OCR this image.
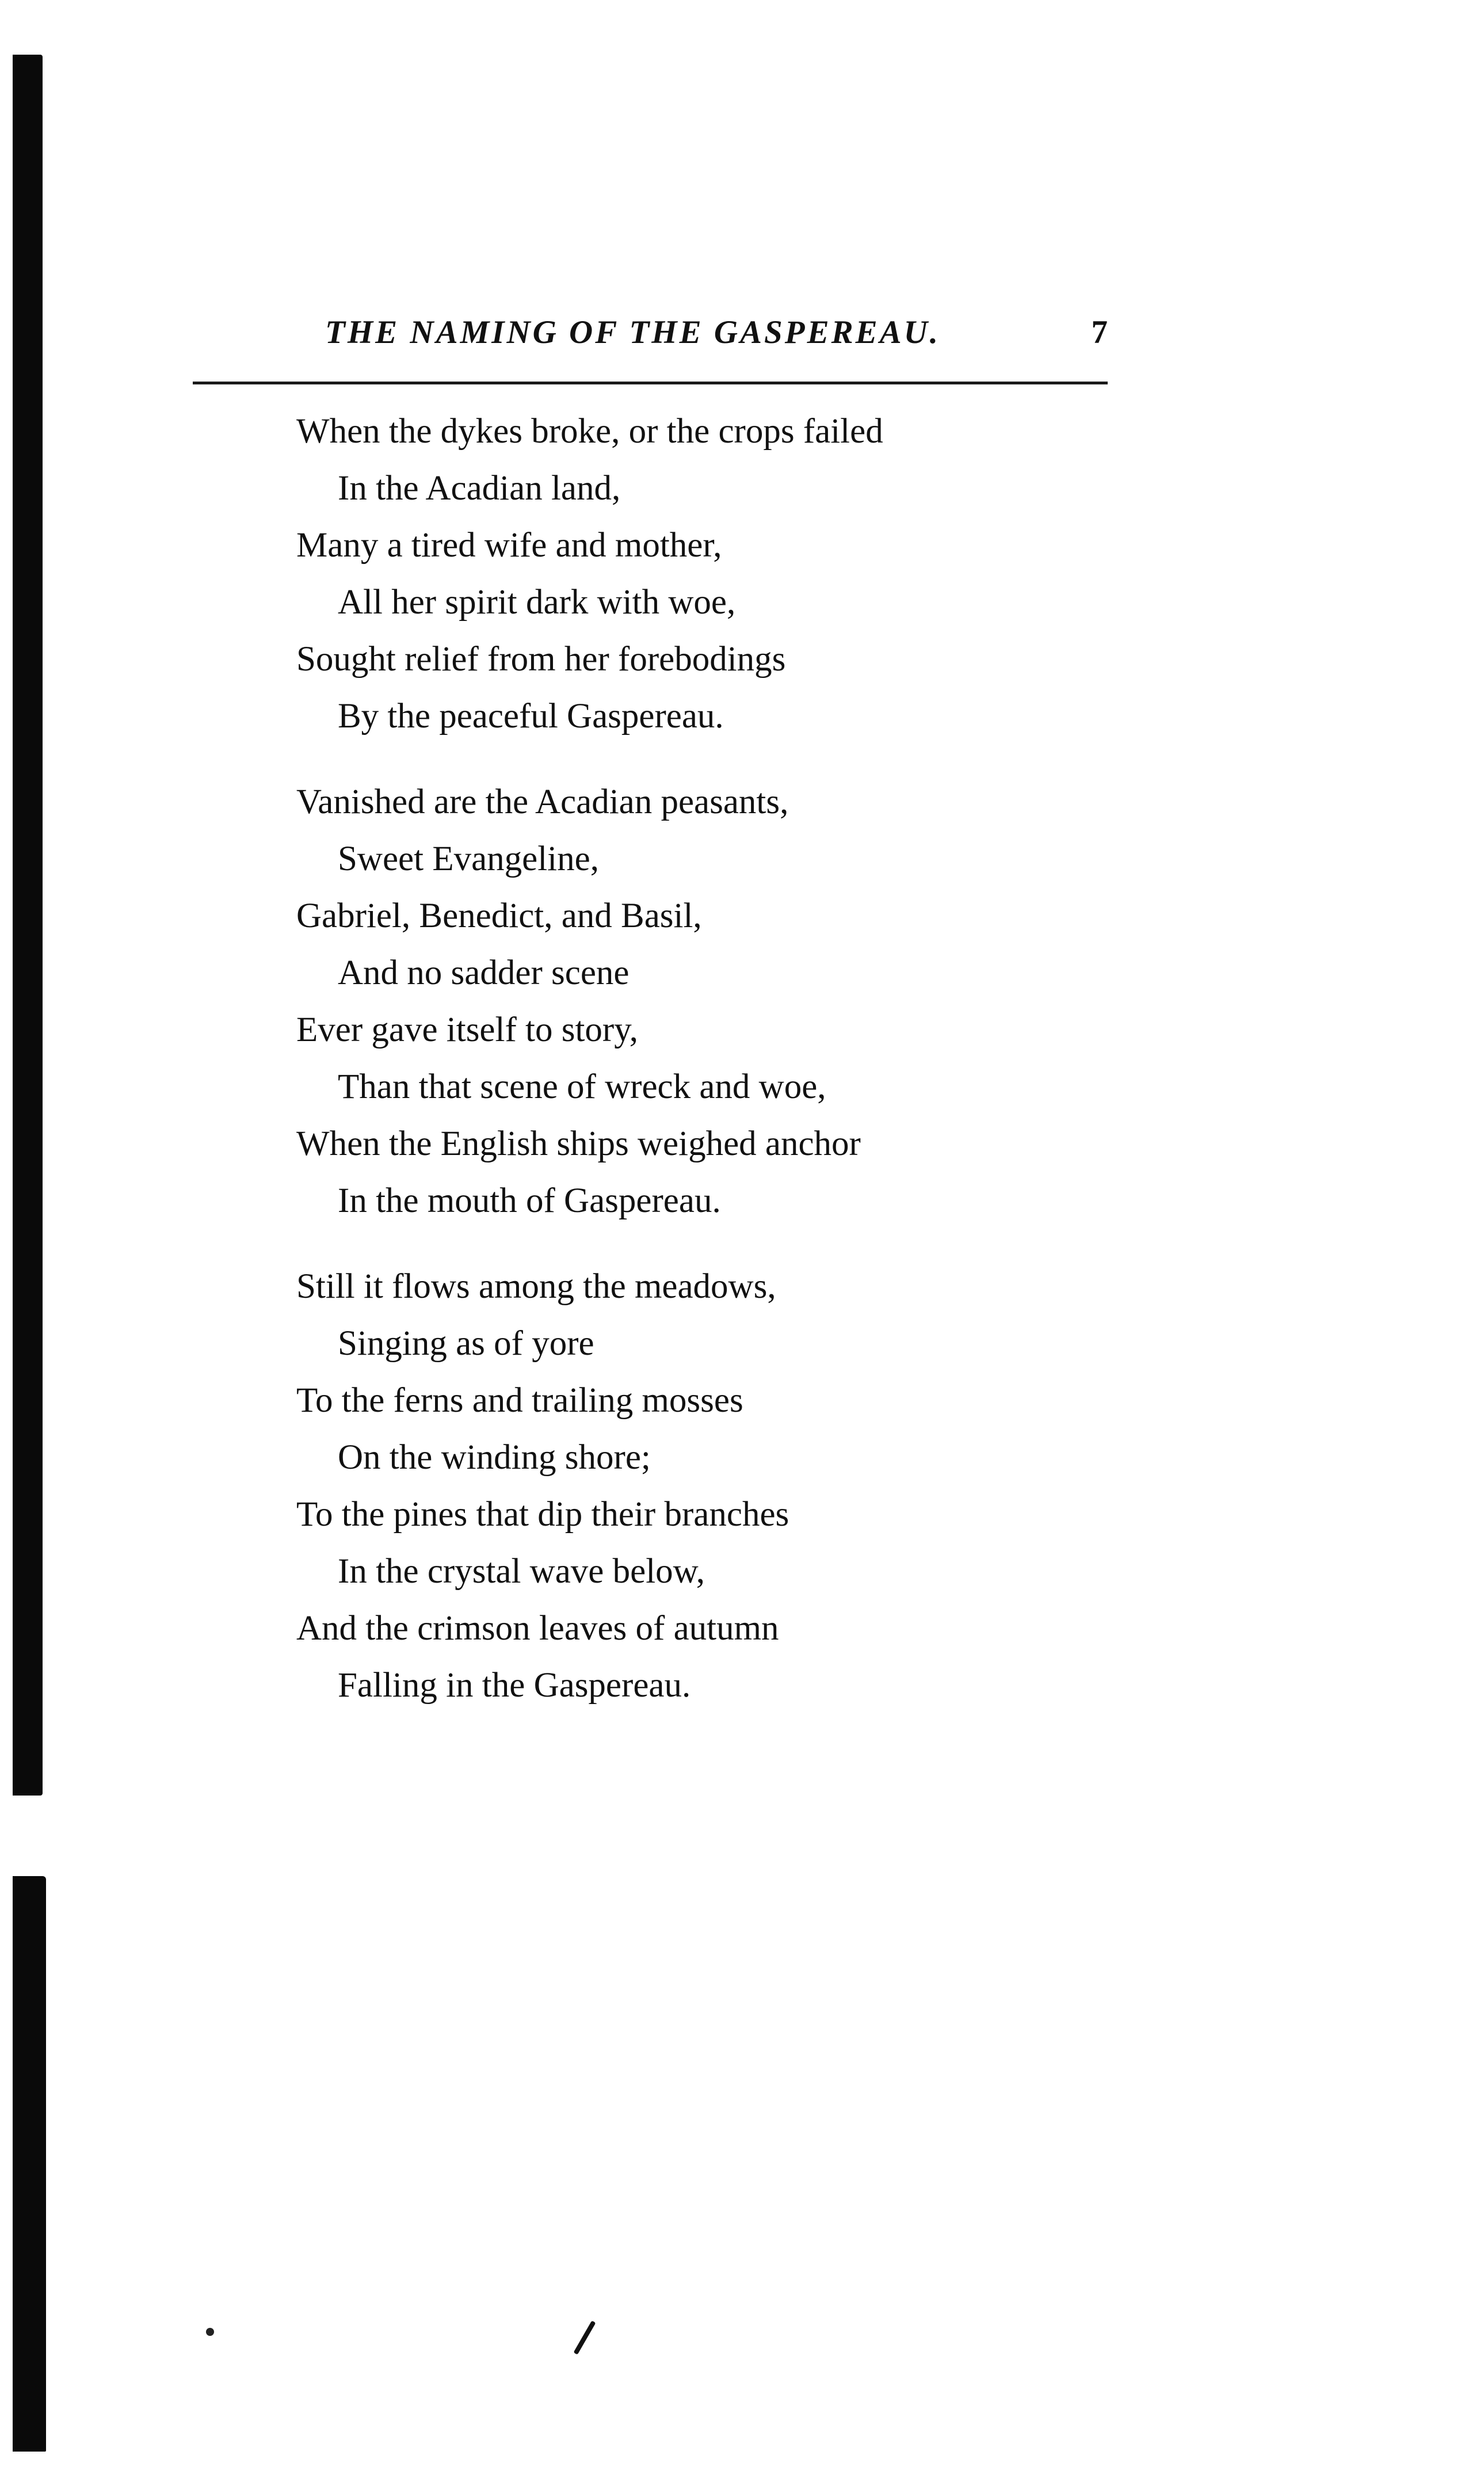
THE NAMING OF THE GASPEREAU.	7
When the dykes broke, or the crops failed
In the Acadian land,
Many a tired wife and mother,
All her spirit dark with woe,
Sought relief from her forebodings
By the peaceful Gaspereau.
Vanished are the Acadian peasants,
Sweet Evangeline,
Gabriel, Benedict, and Basil,
And no sadder scene
Ever gave itself to story,
Than that scene of wreck and woe,
When the English ships weighed anchor
In the mouth of Gaspereau.
Still it flows among the meadows,
Singing as of yore
To the ferns and trailing mosses
On the winding shore;
To the pines that dip their branches
In the crystal wave below,
And the crimson leaves of autumn
Falling in the Gaspereau.
